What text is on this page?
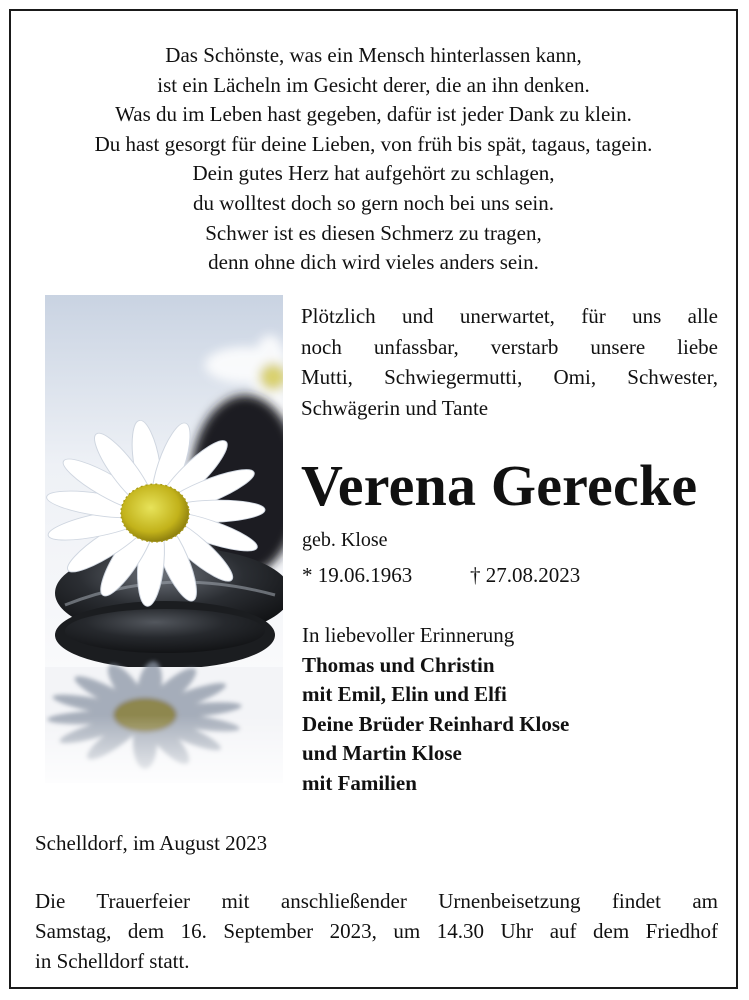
Das Schönste, was ein Mensch hinterlassen kann,
ist ein Lächeln im Gesicht derer, die an ihn denken.
Was du im Leben hast gegeben, dafür ist jeder Dank zu klein.
Du hast gesorgt für deine Lieben, von früh bis spät, tagaus, tagein.
Dein gutes Herz hat aufgehört zu schlagen,
du wolltest doch so gern noch bei uns sein.
Schwer ist es diesen Schmerz zu tragen,
denn ohne dich wird vieles anders sein.
Plötzlich und unerwartet, für uns alle
noch unfassbar, verstarb unsere liebe
Mutti, Schwiegermutti, Omi, Schwester,
Schwägerin und Tante
Verena Gerecke
geb. Klose
* 19.06.1963	† 27.08.2023
In liebevoller Erinnerung
Thomas und Christin
mit Emil, Elin und Elfi
Deine Brüder Reinhard Klose
und Martin Klose
mit Familien
Schelldorf, im August 2023
Die Trauerfeier mit anschließender Urnenbeisetzung findet am
Samstag, dem 16. September 2023, um 14.30 Uhr auf dem Friedhof
in Schelldorf statt.
